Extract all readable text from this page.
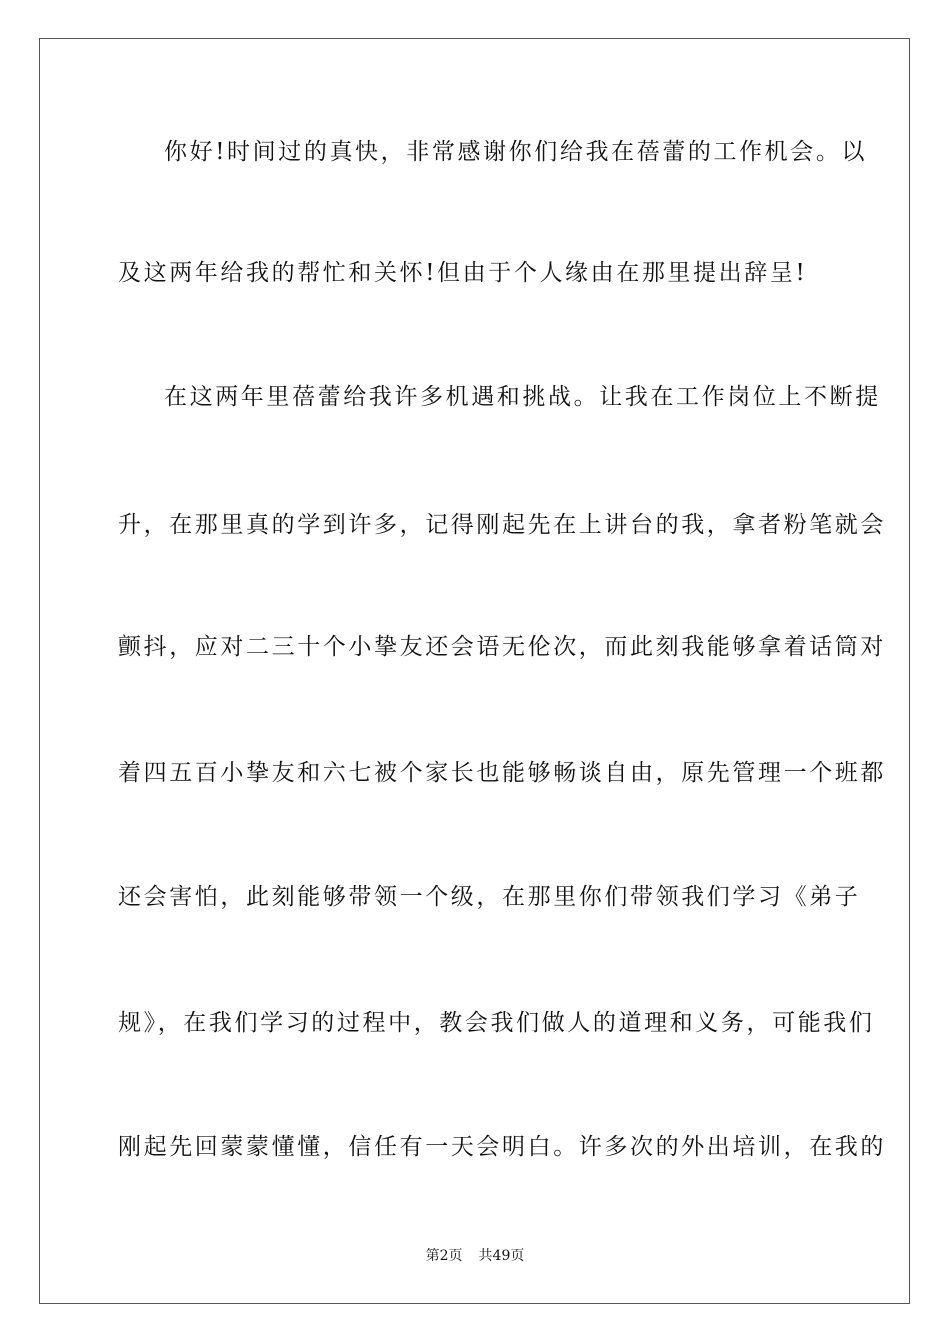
你好!时间过的真快，非常感谢你们给我在蓓蕾的工作机会。以
及这两年给我的帮忙和关怀!但由于个人缘由在那里提出辞呈!
在这两年里蓓蕾给我许多机遇和挑战。让我在工作岗位上不断提
升，在那里真的学到许多，记得刚起先在上讲台的我，拿者粉笔就会
颤抖，应对二三十个小挚友还会语无伦次，而此刻我能够拿着话筒对
着四五百小挚友和六七被个家长也能够畅谈自由，原先管理一个班都
还会害怕，此刻能够带领一个级，在那里你们带领我们学习《弟子
规》，在我们学习的过程中，教会我们做人的道理和义务，可能我们
刚起先回蒙蒙懂懂，信任有一天会明白。许多次的外出培训，在我的
第2页 共49页
